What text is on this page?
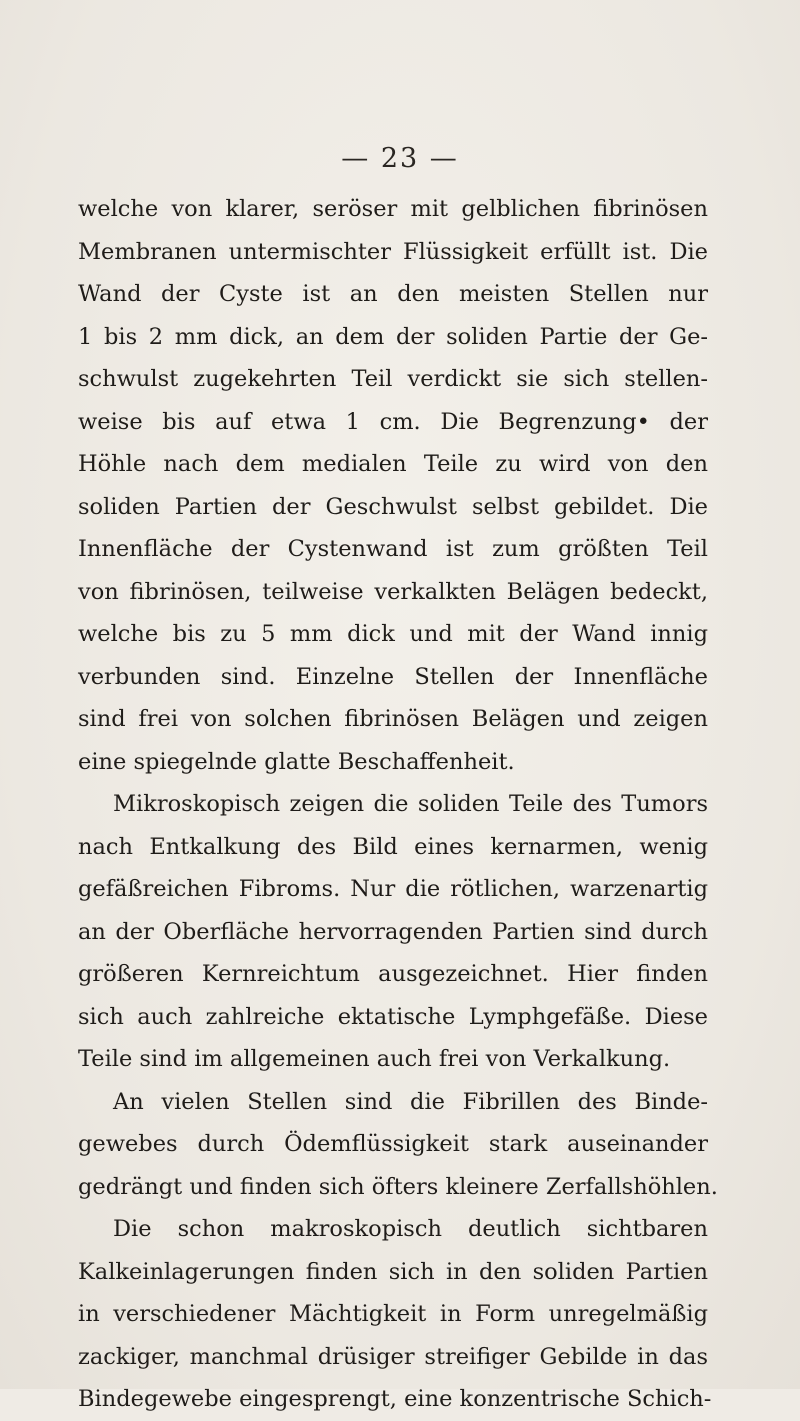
— 23 —
welche von klarer, seröser mit gelblichen fibrinösen
Membranen untermischter Flüssigkeit erfüllt ist. Die
Wand der Cyste ist an den meisten Stellen nur
1 bis 2 mm dick, an dem der soliden Partie der Ge-
schwulst zugekehrten Teil verdickt sie sich stellen-
weise bis auf etwa 1 cm. Die Begrenzung• der
Höhle nach dem medialen Teile zu wird von den
soliden Partien der Geschwulst selbst gebildet. Die
Innenfläche der Cystenwand ist zum größten Teil
von fibrinösen, teilweise verkalkten Belägen bedeckt,
welche bis zu 5 mm dick und mit der Wand innig
verbunden sind. Einzelne Stellen der Innenfläche
sind frei von solchen fibrinösen Belägen und zeigen
eine spiegelnde glatte Beschaffenheit.
Mikroskopisch zeigen die soliden Teile des Tumors
nach Entkalkung des Bild eines kernarmen, wenig
gefäßreichen Fibroms. Nur die rötlichen, warzenartig
an der Oberfläche hervorragenden Partien sind durch
größeren Kernreichtum ausgezeichnet. Hier finden
sich auch zahlreiche ektatische Lymphgefäße. Diese
Teile sind im allgemeinen auch frei von Verkalkung.
An vielen Stellen sind die Fibrillen des Binde-
gewebes durch Ödemflüssigkeit stark auseinander
gedrängt und finden sich öfters kleinere Zerfallshöhlen.
Die schon makroskopisch deutlich sichtbaren
Kalkeinlagerungen finden sich in den soliden Partien
in verschiedener Mächtigkeit in Form unregelmäßig
zackiger, manchmal drüsiger streifiger Gebilde in das
Bindegewebe eingesprengt, eine konzentrische Schich-
